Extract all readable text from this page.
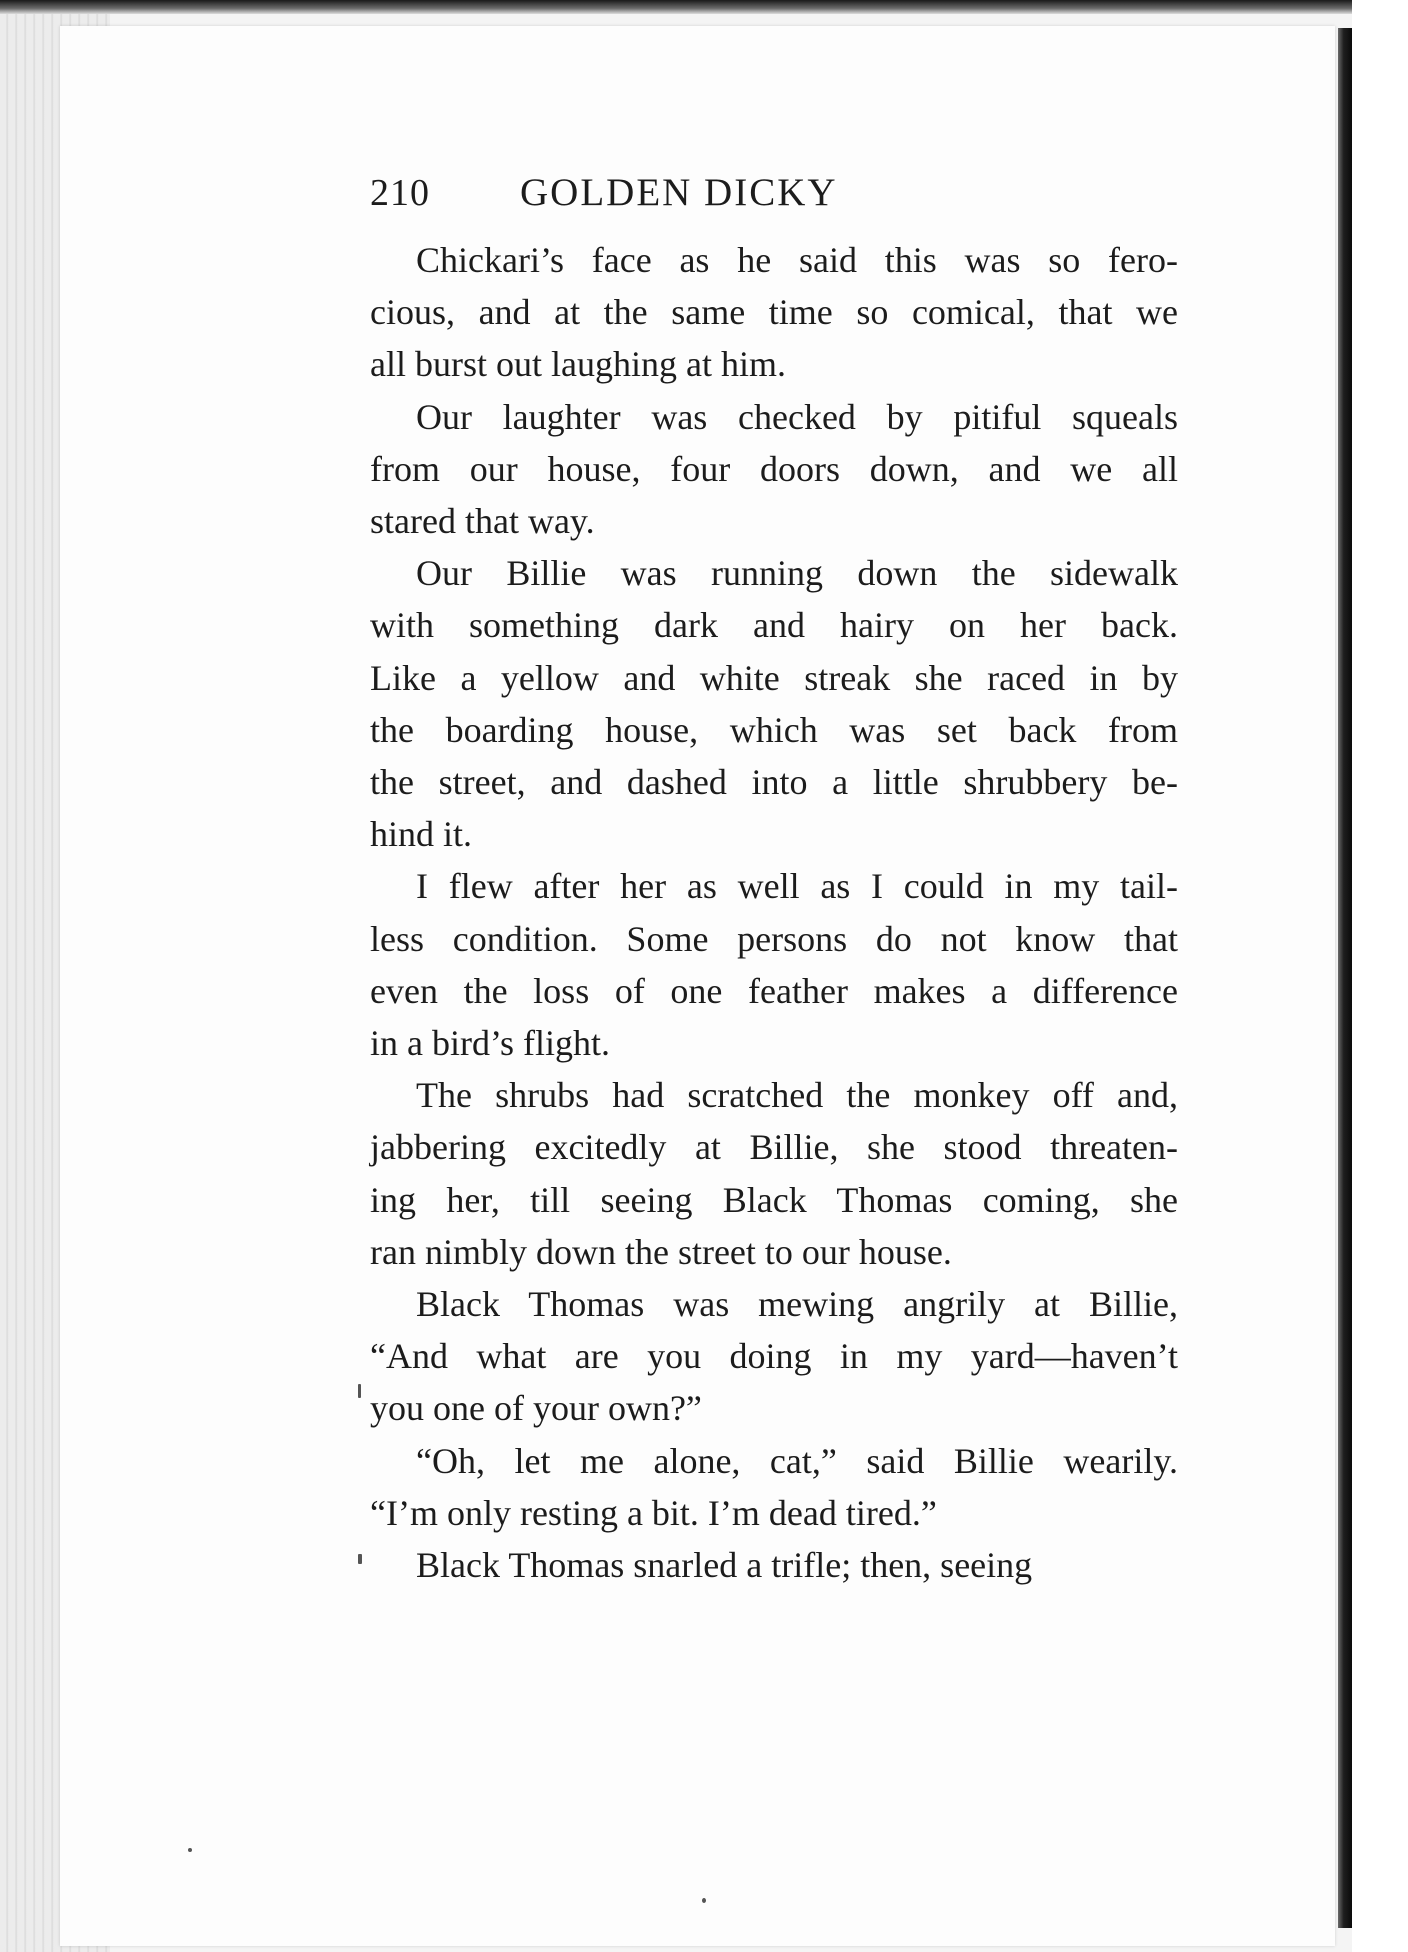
210	GOLDEN DICKY

Chickari’s face as he said this was so fero-
cious, and at the same time so comical, that we
all burst out laughing at him.

Our laughter was checked by pitiful squeals
from our house, four doors down, and we all
stared that way.

Our Billie was running down the sidewalk
with something dark and hairy on her back.
Like a yellow and white streak she raced in by
the boarding house, which was set back from
the street, and dashed into a little shrubbery be-
hind it.

I flew after her as well as I could in my tail-
less condition. Some persons do not know that
even the loss of one feather makes a difference
in a bird’s flight.

The shrubs had scratched the monkey off and,
jabbering excitedly at Billie, she stood threaten-
ing her, till seeing Black Thomas coming, she
ran nimbly down the street to our house.

Black Thomas was mewing angrily at Billie,
“And what are you doing in my yard—haven’t
you one of your own?”

“Oh, let me alone, cat,” said Billie wearily.
“I’m only resting a bit. I’m dead tired.”

Black Thomas snarled a trifle; then, seeing
